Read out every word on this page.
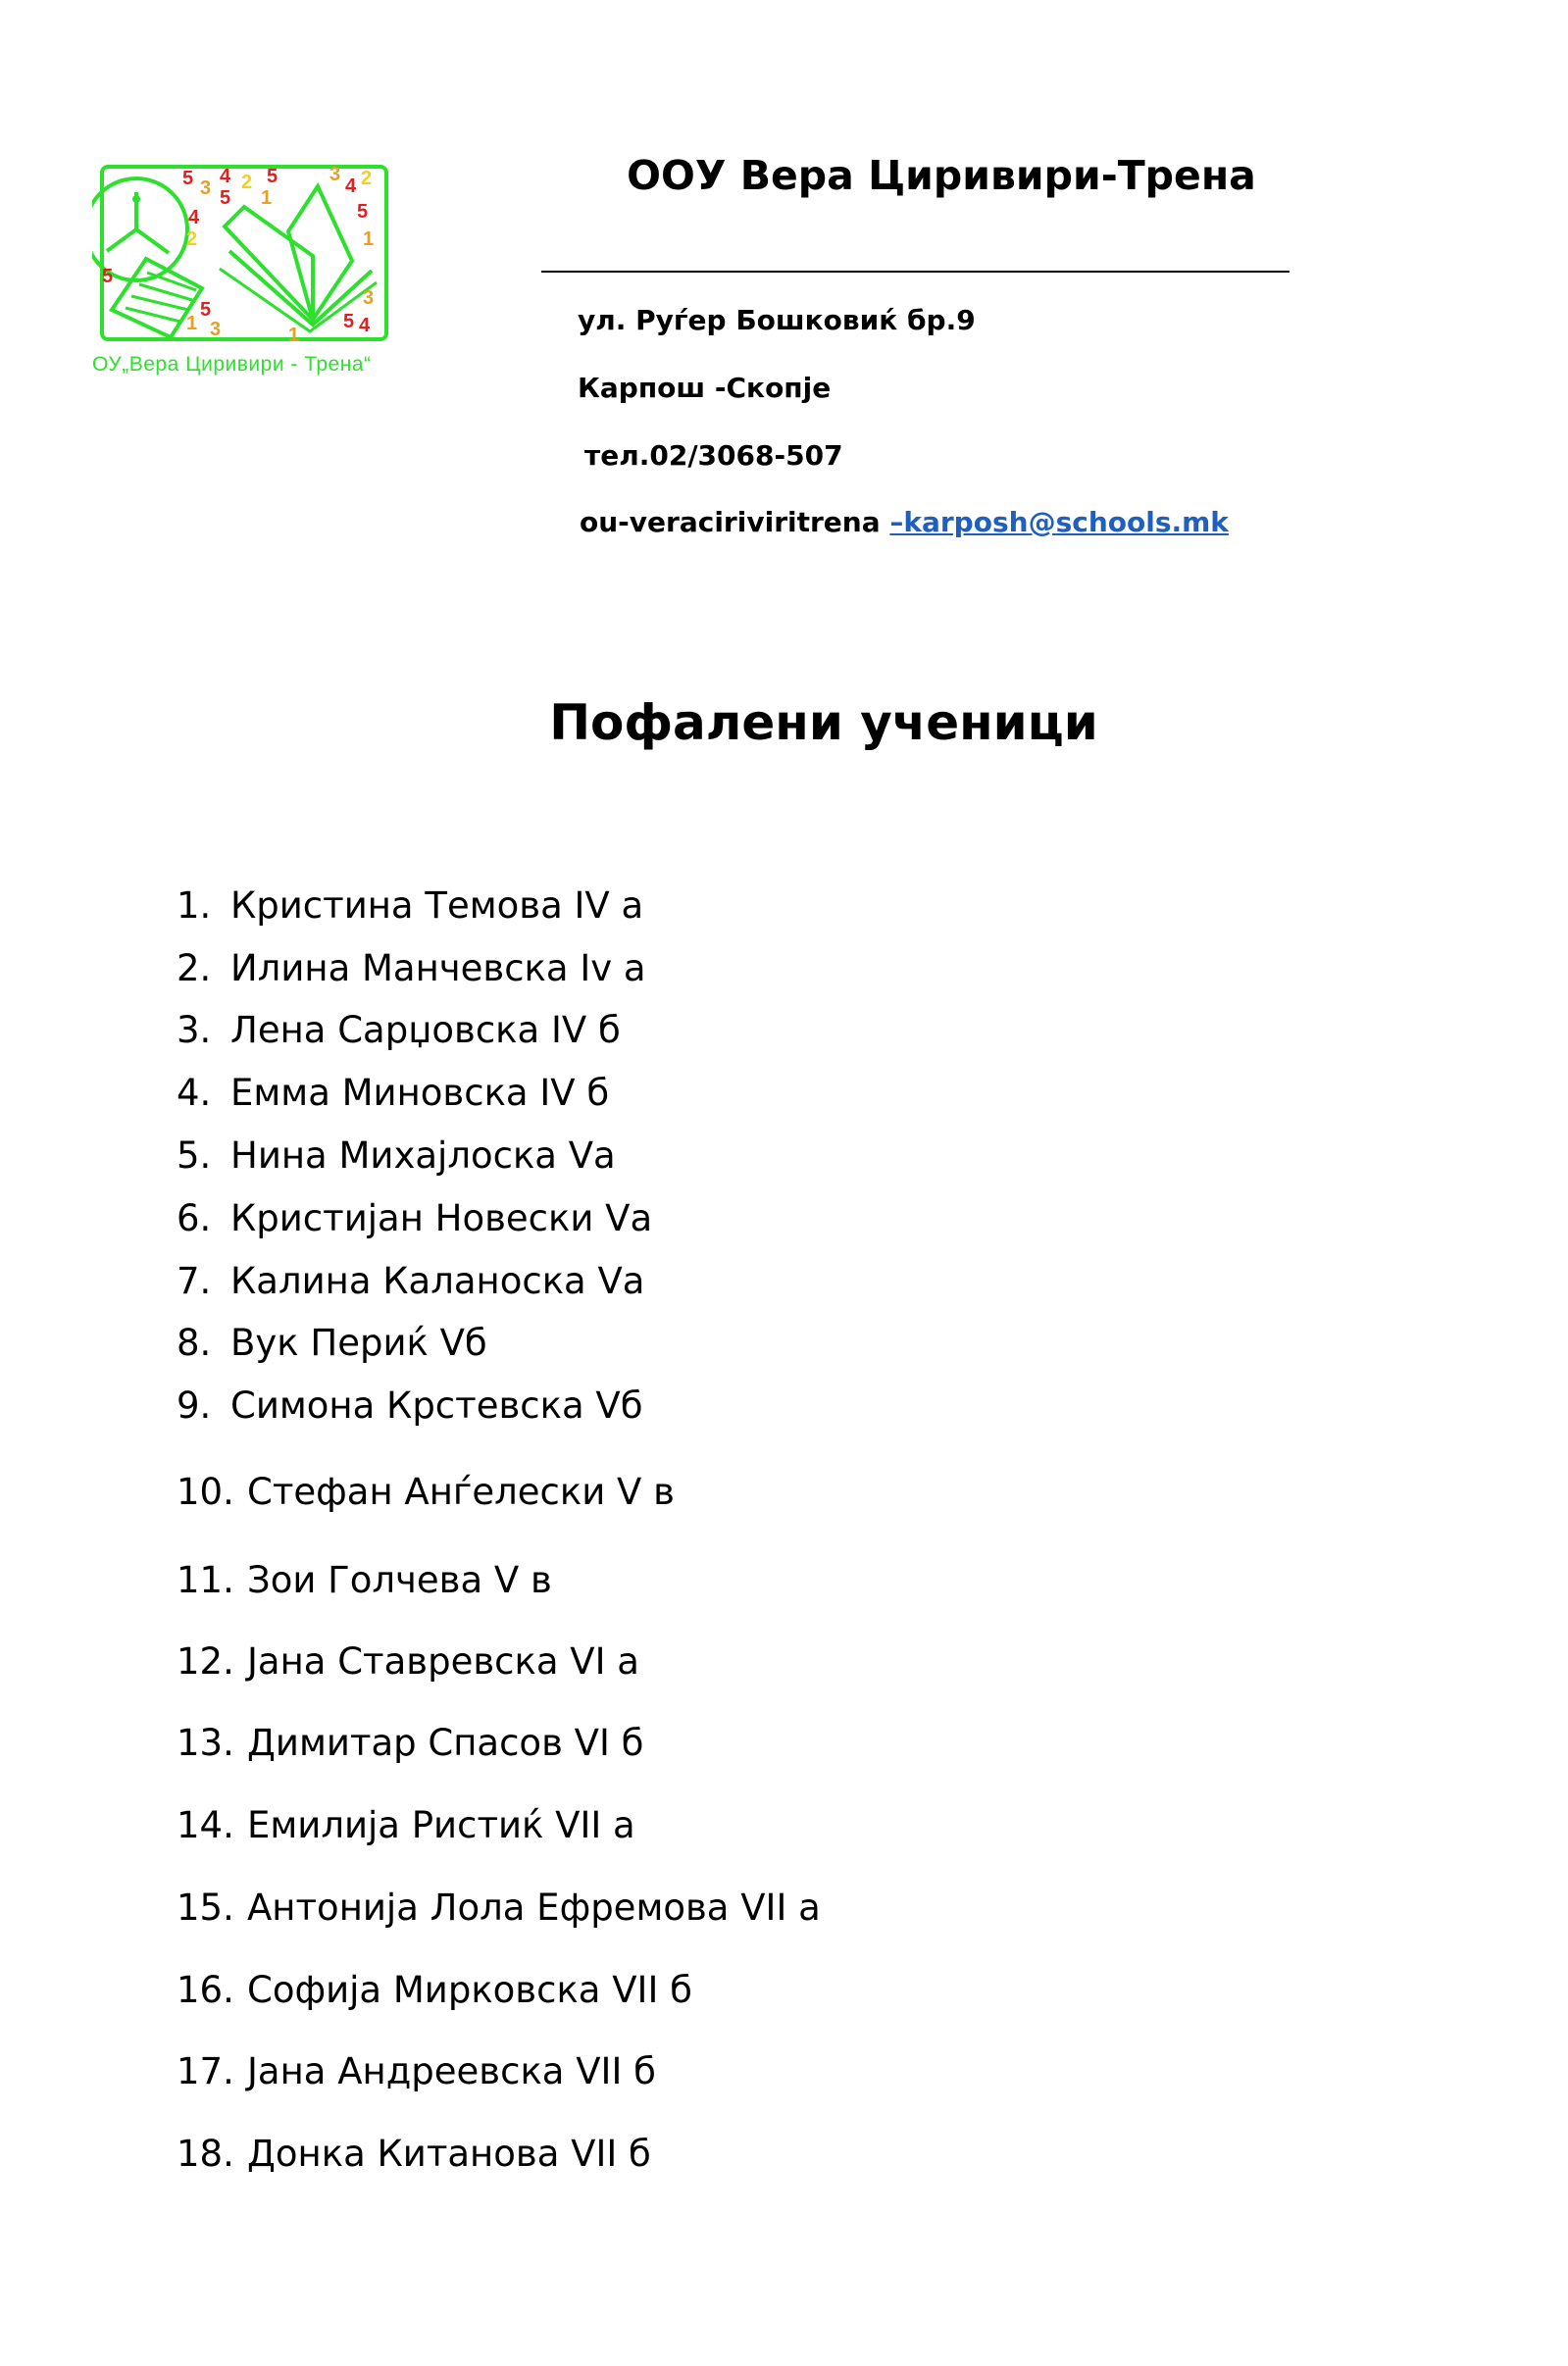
5 3
4
5
2 5
4
2
1
3
4 2
5
1
5
5
1 3	5 4
3
1
ОУ„Вера Циривири - Трена“
ООУ Вера Циривири-Трена
ул. Руѓер Бошковиќ бр.9
Карпош -Скопје
тел.02/3068-507
ou-veraciriviritrena –karposh@schools.mk
Пофалени ученици
1. Кристина Темова IV а
2. Илина Манчевска Iv а
3. Лена Сарџовска IV б
4. Емма Миновска IV б
5. Нина Михајлоска Vа
6. Кристијан Новески Vа
7. Калина Каланоска Vа
8. Вук Периќ Vб
9. Симона Крстевска Vб
10. Стефан Анѓелески V в
11. Зои Голчева V в
12. Јана Ставревска VI а
13. Димитар Спасов VI б
14. Емилија Ристиќ VII а
15. Антонија Лола Ефремова VII а
16. Софија Мирковска VII б
17. Јана Андреевска VII б
18. Донка Китанова VII б
